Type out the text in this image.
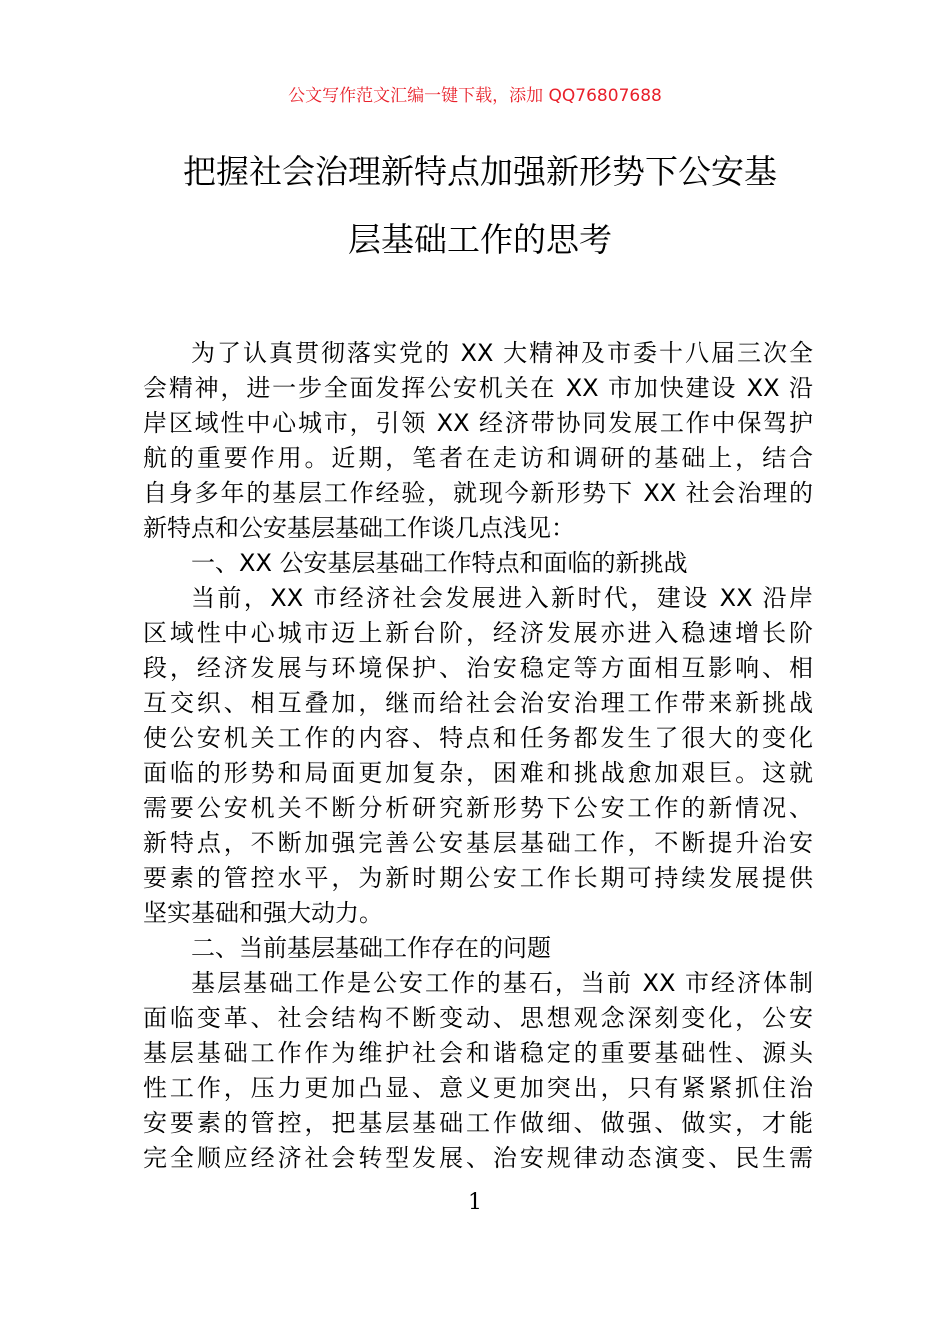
公文写作范文汇编一键下载，添加 QQ76807688
把握社会治理新特点加强新形势下公安基
层基础工作的思考
为了认真贯彻落实党的 XX 大精神及市委十八届三次全
会精神，进一步全面发挥公安机关在 XX 市加快建设 XX 沿
岸区域性中心城市，引领 XX 经济带协同发展工作中保驾护
航的重要作用。近期，笔者在走访和调研的基础上，结合
自身多年的基层工作经验，就现今新形势下 XX 社会治理的
新特点和公安基层基础工作谈几点浅见：
一、XX 公安基层基础工作特点和面临的新挑战
当前，XX 市经济社会发展进入新时代，建设 XX 沿岸
区域性中心城市迈上新台阶，经济发展亦进入稳速增长阶
段，经济发展与环境保护、治安稳定等方面相互影响、相
互交织、相互叠加，继而给社会治安治理工作带来新挑战
使公安机关工作的内容、特点和任务都发生了很大的变化
面临的形势和局面更加复杂，困难和挑战愈加艰巨。这就
需要公安机关不断分析研究新形势下公安工作的新情况、
新特点，不断加强完善公安基层基础工作，不断提升治安
要素的管控水平，为新时期公安工作长期可持续发展提供
坚实基础和强大动力。
二、当前基层基础工作存在的问题
基层基础工作是公安工作的基石，当前 XX 市经济体制
面临变革、社会结构不断变动、思想观念深刻变化，公安
基层基础工作作为维护社会和谐稳定的重要基础性、源头
性工作，压力更加凸显、意义更加突出，只有紧紧抓住治
安要素的管控，把基层基础工作做细、做强、做实，才能
完全顺应经济社会转型发展、治安规律动态演变、民生需
1
